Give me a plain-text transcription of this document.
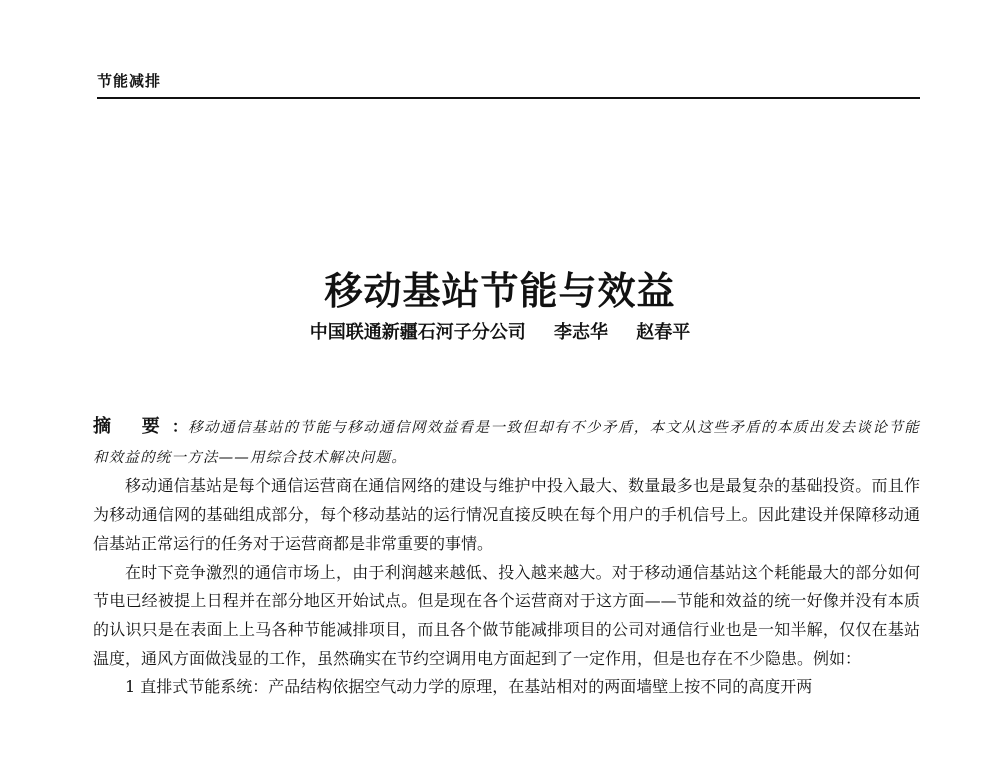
节能减排
移动基站节能与效益
中国联通新疆石河子分公司 李志华 赵春平

摘 要：移动通信基站的节能与移动通信网效益看是一致但却有不少矛盾，本文从这些矛盾的本质出发去谈论节能和效益的统一方法——用综合技术解决问题。

移动通信基站是每个通信运营商在通信网络的建设与维护中投入最大、数量最多也是最复杂的基础投资。而且作为移动通信网的基础组成部分，每个移动基站的运行情况直接反映在每个用户的手机信号上。因此建设并保障移动通信基站正常运行的任务对于运营商都是非常重要的事情。

在时下竞争激烈的通信市场上，由于利润越来越低、投入越来越大。对于移动通信基站这个耗能最大的部分如何节电已经被提上日程并在部分地区开始试点。但是现在各个运营商对于这方面——节能和效益的统一好像并没有本质的认识只是在表面上上马各种节能减排项目，而且各个做节能减排项目的公司对通信行业也是一知半解，仅仅在基站温度，通风方面做浅显的工作，虽然确实在节约空调用电方面起到了一定作用，但是也存在不少隐患。例如：

1 直排式节能系统：产品结构依据空气动力学的原理，在基站相对的两面墙壁上按不同的高度开两
